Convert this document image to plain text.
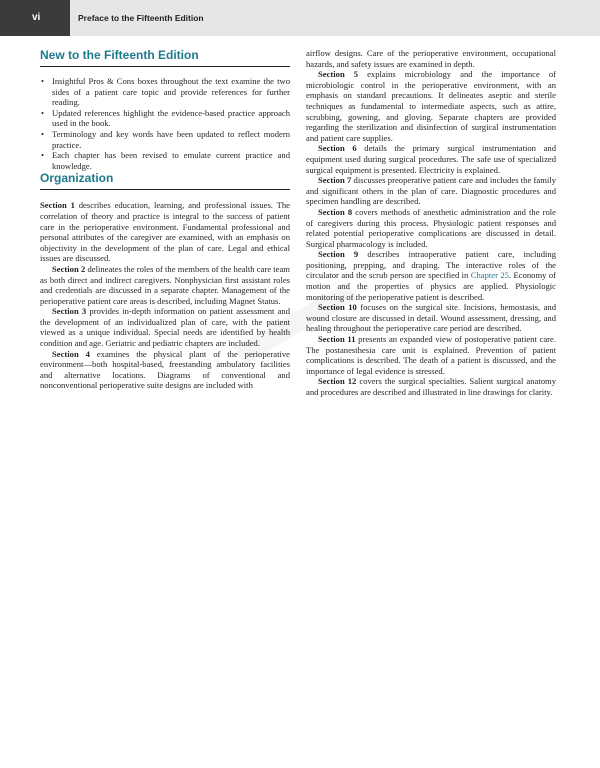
vi	Preface to the Fifteenth Edition
New to the Fifteenth Edition
• Insightful Pros & Cons boxes throughout the text examine the two sides of a patient care topic and provide references for further reading.
• Updated references highlight the evidence-based practice approach used in the book.
• Terminology and key words have been updated to reflect modern practice.
• Each chapter has been revised to emulate current practice and knowledge.
Organization

Section 1 describes education, learning, and professional issues. The correlation of theory and practice is integral to the success of patient care in the perioperative environment. Fundamental professional and personal attributes of the caregiver are examined, with an emphasis on objectivity in the development of the plan of care. Legal and ethical issues are discussed.

Section 2 delineates the roles of the members of the health care team as both direct and indirect caregivers. Nonphysician first assistant roles and credentials are discussed in a separate chapter. Management of the perioperative patient care areas is described, including Magnet Status.

Section 3 provides in-depth information on patient assessment and the development of an individualized plan of care, with the patient viewed as a unique individual. Special needs are identified by health condition and age. Geriatric and pediatric chapters are included.

Section 4 examines the physical plant of the perioperative environment—both hospital-based, freestanding ambulatory facilities and alternative locations. Diagrams of conventional and nonconventional perioperative suite designs are included with

airflow designs. Care of the perioperative environment, occupational hazards, and safety issues are examined in depth.

Section 5 explains microbiology and the importance of microbiologic control in the perioperative environment, with an emphasis on standard precautions. It delineates aseptic and sterile techniques as fundamental to intermediate aspects, such as attire, scrubbing, gowning, and gloving. Separate chapters are provided regarding the sterilization and disinfection of surgical instrumentation and patient care supplies.

Section 6 details the primary surgical instrumentation and equipment used during surgical procedures. The safe use of specialized surgical equipment is presented. Electricity is explained.

Section 7 discusses preoperative patient care and includes the family and significant others in the plan of care. Diagnostic procedures and specimen handling are described.

Section 8 covers methods of anesthetic administration and the role of caregivers during this process. Physiologic patient responses and related potential perioperative complications are discussed in detail. Surgical pharmacology is included.

Section 9 describes intraoperative patient care, including positioning, prepping, and draping. The interactive roles of the circulator and the scrub person are specified in Chapter 25. Economy of motion and the properties of physics are applied. Physiologic monitoring of the perioperative patient is described.

Section 10 focuses on the surgical site. Incisions, hemostasis, and wound closure are discussed in detail. Wound assessment, dressing, and healing throughout the perioperative care period are described.

Section 11 presents an expanded view of postoperative patient care. The postanesthesia care unit is explained. Prevention of patient complications is described. The death of a patient is discussed, and the importance of legal evidence is stressed.

Section 12 covers the surgical specialties. Salient surgical anatomy and procedures are described and illustrated in line drawings for clarity.
